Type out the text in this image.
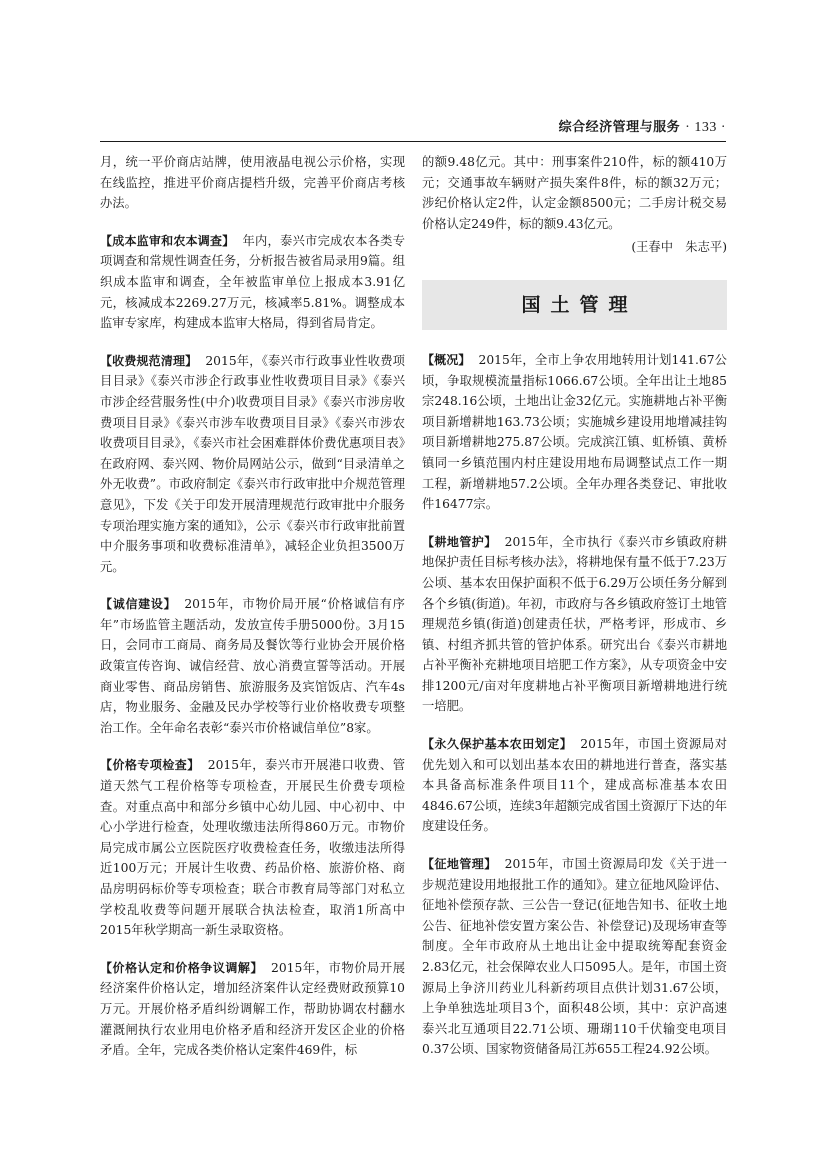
综合经济管理与服务 · 133 ·

月，统一平价商店站牌，使用液晶电视公示价格，实现在线监控，推进平价商店提档升级，完善平价商店考核办法。

【成本监审和农本调查】 年内，泰兴市完成农本各类专项调查和常规性调查任务，分析报告被省局录用9篇。组织成本监审和调查，全年被监审单位上报成本3.91亿元，核减成本2269.27万元，核减率5.81%。调整成本监审专家库，构建成本监审大格局，得到省局肯定。

【收费规范清理】 2015年，《泰兴市行政事业性收费项目目录》《泰兴市涉企行政事业性收费项目目录》《泰兴市涉企经营服务性(中介)收费项目目录》《泰兴市涉房收费项目目录》《泰兴市涉车收费项目目录》《泰兴市涉农收费项目目录》，《泰兴市社会困难群体价费优惠项目表》在政府网、泰兴网、物价局网站公示，做到“目录清单之外无收费”。市政府制定《泰兴市行政审批中介规范管理意见》，下发《关于印发开展清理规范行政审批中介服务专项治理实施方案的通知》，公示《泰兴市行政审批前置中介服务事项和收费标准清单》，减轻企业负担3500万元。

【诚信建设】 2015年，市物价局开展“价格诚信有序年”市场监管主题活动，发放宣传手册5000份。3月15日，会同市工商局、商务局及餐饮等行业协会开展价格政策宣传咨询、诚信经营、放心消费宣誓等活动。开展商业零售、商品房销售、旅游服务及宾馆饭店、汽车4s店，物业服务、金融及民办学校等行业价格收费专项整治工作。全年命名表彰“泰兴市价格诚信单位”8家。

【价格专项检查】 2015年，泰兴市开展港口收费、管道天然气工程价格等专项检查，开展民生价费专项检查。对重点高中和部分乡镇中心幼儿园、中心初中、中心小学进行检查，处理收缴违法所得860万元。市物价局完成市属公立医院医疗收费检查任务，收缴违法所得近100万元；开展计生收费、药品价格、旅游价格、商品房明码标价等专项检查；联合市教育局等部门对私立学校乱收费等问题开展联合执法检查，取消1所高中2015年秋学期高一新生录取资格。

【价格认定和价格争议调解】 2015年，市物价局开展经济案件价格认定，增加经济案件认定经费财政预算10万元。开展价格矛盾纠纷调解工作，帮助协调农村翻水灌溉闸执行农业用电价格矛盾和经济开发区企业的价格矛盾。全年，完成各类价格认定案件469件，标

的额9.48亿元。其中：刑事案件210件，标的额410万元；交通事故车辆财产损失案件8件，标的额32万元；涉纪价格认定2件，认定金额8500元；二手房计税交易价格认定249件，标的额9.43亿元。

(王春中　朱志平)
国土管理

【概况】 2015年，全市上争农用地转用计划141.67公顷，争取规模流量指标1066.67公顷。全年出让土地85宗248.16公顷，土地出让金32亿元。实施耕地占补平衡项目新增耕地163.73公顷；实施城乡建设用地增减挂钩项目新增耕地275.87公顷。完成滨江镇、虹桥镇、黄桥镇同一乡镇范围内村庄建设用地布局调整试点工作一期工程，新增耕地57.2公顷。全年办理各类登记、审批收件16477宗。

【耕地管护】 2015年，全市执行《泰兴市乡镇政府耕地保护责任目标考核办法》，将耕地保有量不低于7.23万公顷、基本农田保护面积不低于6.29万公顷任务分解到各个乡镇(街道)。年初，市政府与各乡镇政府签订土地管理规范乡镇(街道)创建责任状，严格考评，形成市、乡镇、村组齐抓共管的管护体系。研究出台《泰兴市耕地占补平衡补充耕地项目培肥工作方案》，从专项资金中安排1200元/亩对年度耕地占补平衡项目新增耕地进行统一培肥。

【永久保护基本农田划定】 2015年，市国土资源局对优先划入和可以划出基本农田的耕地进行普查，落实基本具备高标准条件项目11个，建成高标准基本农田4846.67公顷，连续3年超额完成省国土资源厅下达的年度建设任务。

【征地管理】 2015年，市国土资源局印发《关于进一步规范建设用地报批工作的通知》。建立征地风险评估、征地补偿预存款、三公告一登记(征地告知书、征收土地公告、征地补偿安置方案公告、补偿登记)及现场审查等制度。全年市政府从土地出让金中提取统筹配套资金2.83亿元，社会保障农业人口5095人。是年，市国土资源局上争济川药业儿科新药项目点供计划31.67公顷，上争单独选址项目3个，面积48公顷，其中：京沪高速泰兴北互通项目22.71公顷、珊瑚110千伏输变电项目0.37公顷、国家物资储备局江苏655工程24.92公顷。
